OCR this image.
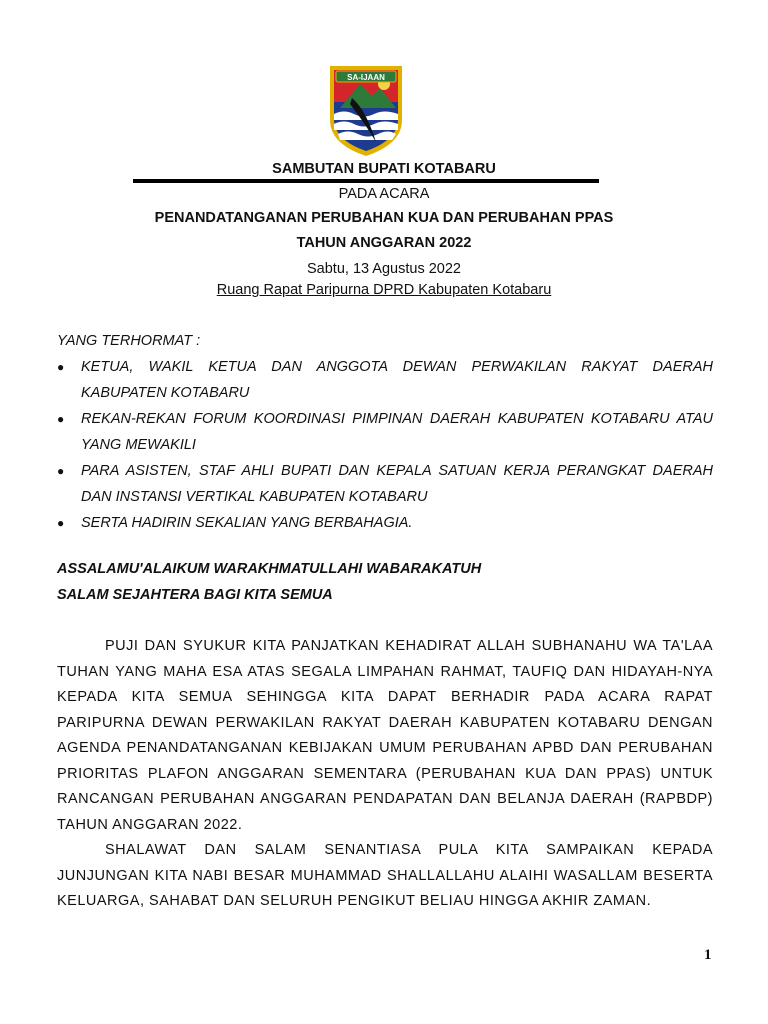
SA-IJAAN
SAMBUTAN BUPATI KOTABARU
PADA ACARA
PENANDATANGANAN PERUBAHAN KUA DAN PERUBAHAN PPAS
TAHUN ANGGARAN 2022
Sabtu, 13 Agustus 2022
Ruang Rapat Paripurna DPRD Kabupaten Kotabaru
YANG TERHORMAT :
● KETUA, WAKIL KETUA DAN ANGGOTA DEWAN PERWAKILAN RAKYAT DAERAH KABUPATEN KOTABARU
● REKAN-REKAN FORUM KOORDINASI PIMPINAN DAERAH KABUPATEN KOTABARU ATAU YANG MEWAKILI
● PARA ASISTEN, STAF AHLI BUPATI DAN KEPALA SATUAN KERJA PERANGKAT DAERAH DAN INSTANSI VERTIKAL KABUPATEN KOTABARU
● SERTA HADIRIN SEKALIAN YANG BERBAHAGIA.
ASSALAMU'ALAIKUM WARAKHMATULLAHI WABARAKATUH
SALAM SEJAHTERA BAGI KITA SEMUA

PUJI DAN SYUKUR KITA PANJATKAN KEHADIRAT ALLAH SUBHANAHU WA TA'LAA TUHAN YANG MAHA ESA ATAS SEGALA LIMPAHAN RAHMAT, TAUFIQ DAN HIDAYAH-NYA KEPADA KITA SEMUA SEHINGGA KITA DAPAT BERHADIR PADA ACARA RAPAT PARIPURNA DEWAN PERWAKILAN RAKYAT DAERAH KABUPATEN KOTABARU DENGAN AGENDA PENANDATANGANAN KEBIJAKAN UMUM PERUBAHAN APBD DAN PERUBAHAN PRIORITAS PLAFON ANGGARAN SEMENTARA (PERUBAHAN KUA DAN PPAS) UNTUK RANCANGAN PERUBAHAN ANGGARAN PENDAPATAN DAN BELANJA DAERAH (RAPBDP) TAHUN ANGGARAN 2022.

SHALAWAT DAN SALAM SENANTIASA PULA KITA SAMPAIKAN KEPADA JUNJUNGAN KITA NABI BESAR MUHAMMAD SHALLALLAHU ALAIHI WASALLAM BESERTA KELUARGA, SAHABAT DAN SELURUH PENGIKUT BELIAU HINGGA AKHIR ZAMAN.

1
